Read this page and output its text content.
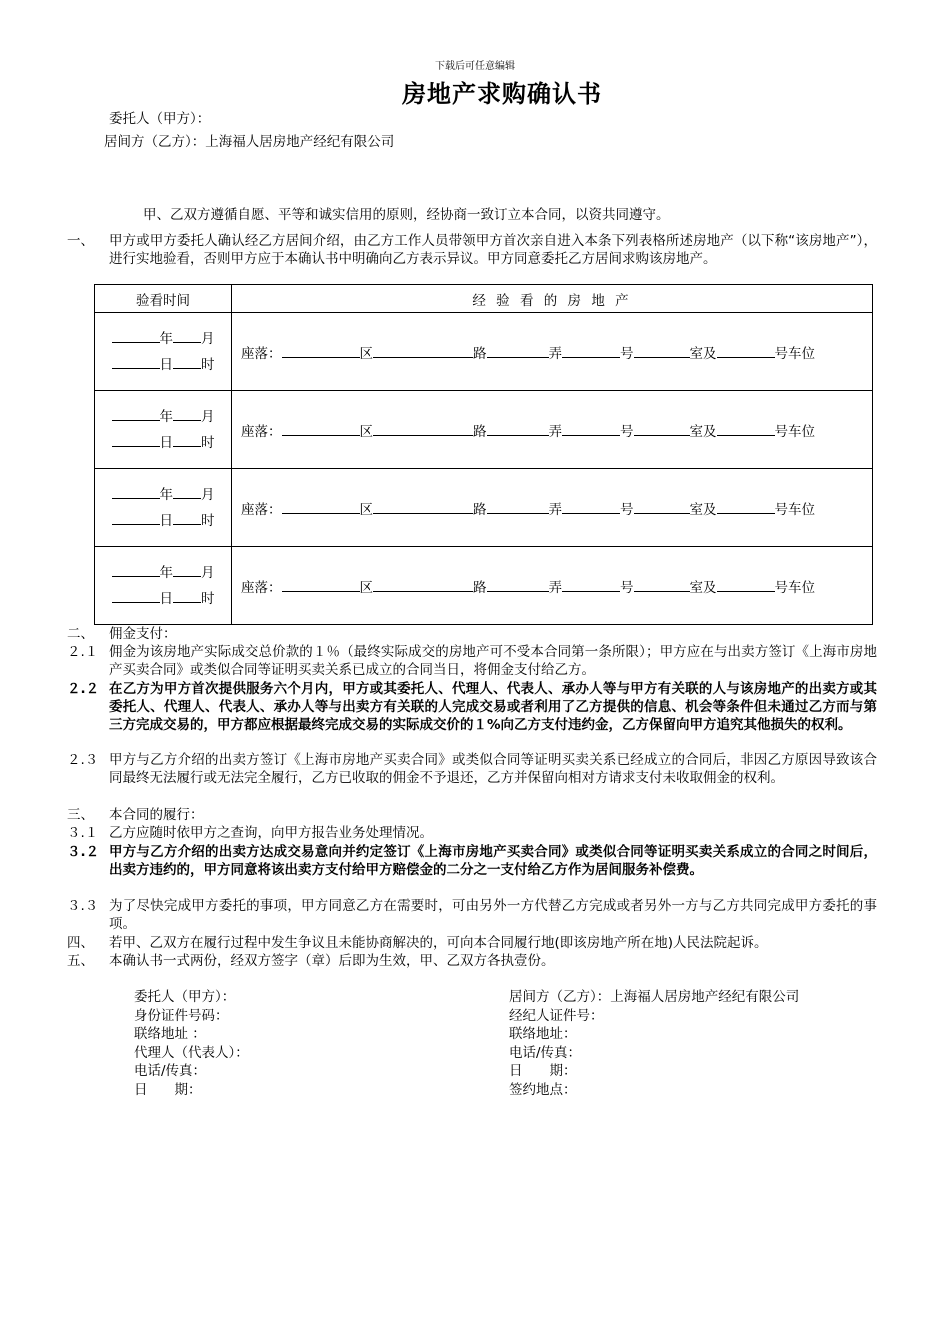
下载后可任意编辑
房地产求购确认书
委托人（甲方）：
居间方（乙方）：上海福人居房地产经纪有限公司
甲、乙双方遵循自愿、平等和诚实信用的原则，经协商一致订立本合同，以资共同遵守。
一、 甲方或甲方委托人确认经乙方居间介绍，由乙方工作人员带领甲方首次亲自进入本条下列表格所述房地产（以下称“该房地产”），进行实地验看，否则甲方应于本确认书中明确向乙方表示异议。甲方同意委托乙方居间求购该房地产。
验看时间	经 验 看 的 房 地 产

年 月
日 时	座落： 区 路 弄 号 室及 号车位

年 月
日 时	座落： 区 路 弄 号 室及 号车位

年 月
日 时	座落： 区 路 弄 号 室及 号车位

年 月
日 时	座落： 区 路 弄 号 室及 号车位
二、 佣金支付：
２.１ 佣金为该房地产实际成交总价款的１％（最终实际成交的房地产可不受本合同第一条所限）；甲方应在与出卖方签订《上海市房地产买卖合同》或类似合同等证明买卖关系已成立的合同当日，将佣金支付给乙方。
２.２ 在乙方为甲方首次提供服务六个月内，甲方或其委托人、代理人、代表人、承办人等与甲方有关联的人与该房地产的出卖方或其委托人、代理人、代表人、承办人等与出卖方有关联的人完成交易或者利用了乙方提供的信息、机会等条件但未通过乙方而与第三方完成交易的，甲方都应根据最终完成交易的实际成交价的１%向乙方支付违约金，乙方保留向甲方追究其他损失的权利。
２.３ 甲方与乙方介绍的出卖方签订《上海市房地产买卖合同》或类似合同等证明买卖关系已经成立的合同后，非因乙方原因导致该合同最终无法履行或无法完全履行，乙方已收取的佣金不予退还，乙方并保留向相对方请求支付未收取佣金的权利。
三、 本合同的履行：
３.１ 乙方应随时依甲方之查询，向甲方报告业务处理情况。
３.２ 甲方与乙方介绍的出卖方达成交易意向并约定签订《上海市房地产买卖合同》或类似合同等证明买卖关系成立的合同之时间后，出卖方违约的，甲方同意将该出卖方支付给甲方赔偿金的二分之一支付给乙方作为居间服务补偿费。
３.３ 为了尽快完成甲方委托的事项，甲方同意乙方在需要时，可由另外一方代替乙方完成或者另外一方与乙方共同完成甲方委托的事项。
四、 若甲、乙双方在履行过程中发生争议且未能协商解决的，可向本合同履行地(即该房地产所在地)人民法院起诉。
五、 本确认书一式两份，经双方签字（章）后即为生效，甲、乙双方各执壹份。
委托人（甲方）：
身份证件号码：
联络地址 ：
代理人（代表人）：
电话/传真：
日　　期：
居间方（乙方）：上海福人居房地产经纪有限公司
经纪人证件号：
联络地址：
电话/传真：
日　　期：
签约地点：
